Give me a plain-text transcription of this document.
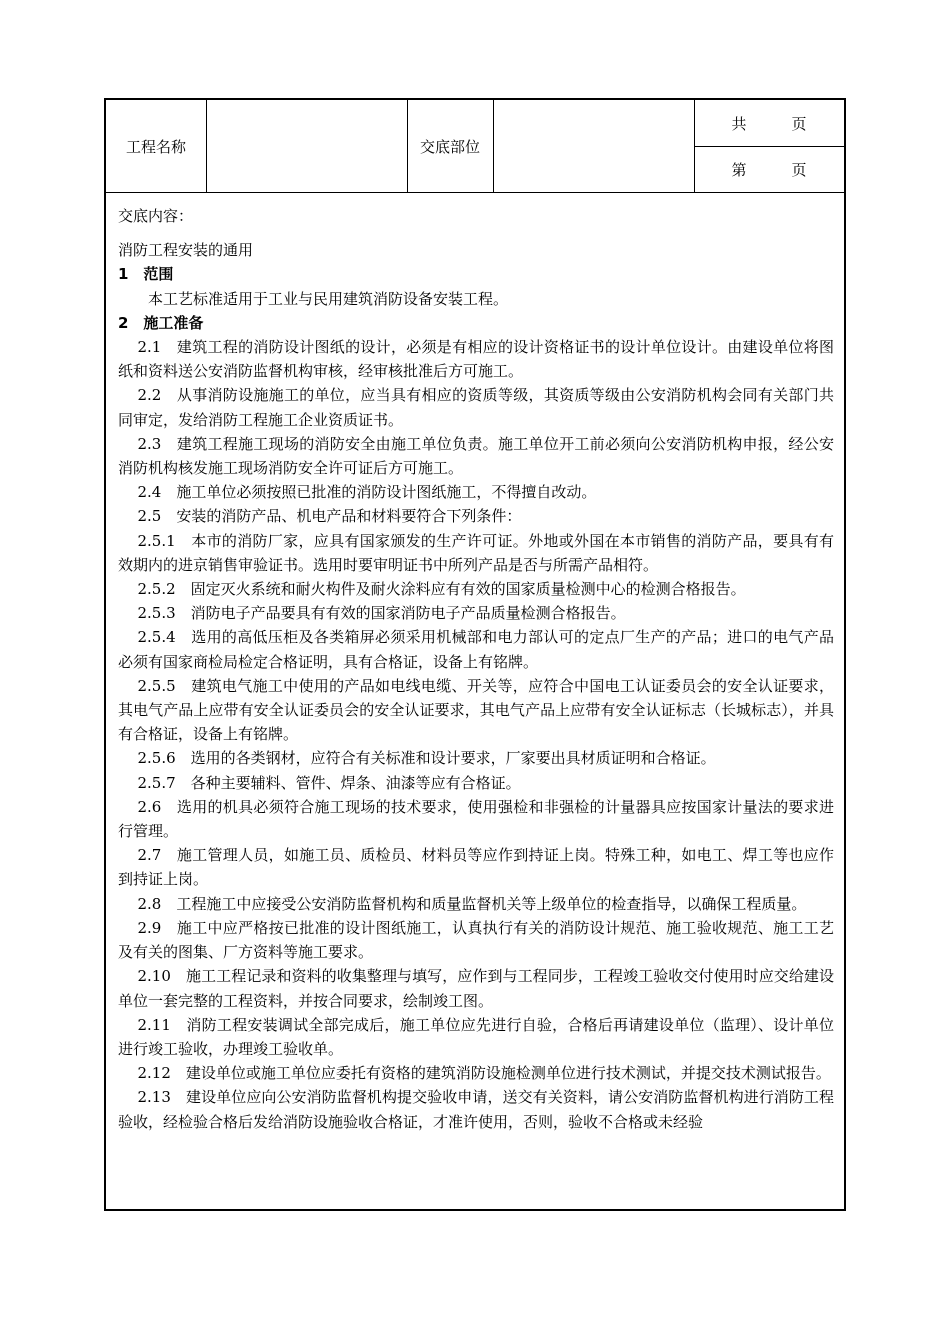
工程名称	交底部位
共　　　页
第　　　页

交底内容：

消防工程安装的通用

1　范围

本工艺标准适用于工业与民用建筑消防设备安装工程。

2　施工准备

2.1　建筑工程的消防设计图纸的设计，必须是有相应的设计资格证书的设计单位设计。由建设单位将图纸和资料送公安消防监督机构审核，经审核批准后方可施工。

2.2　从事消防设施施工的单位，应当具有相应的资质等级，其资质等级由公安消防机构会同有关部门共同审定，发给消防工程施工企业资质证书。

2.3　建筑工程施工现场的消防安全由施工单位负责。施工单位开工前必须向公安消防机构申报，经公安消防机构核发施工现场消防安全许可证后方可施工。

2.4　施工单位必须按照已批准的消防设计图纸施工，不得擅自改动。

2.5　安装的消防产品、机电产品和材料要符合下列条件：

2.5.1　本市的消防厂家，应具有国家颁发的生产许可证。外地或外国在本市销售的消防产品，要具有有效期内的进京销售审验证书。选用时要审明证书中所列产品是否与所需产品相符。

2.5.2　固定灭火系统和耐火构件及耐火涂料应有有效的国家质量检测中心的检测合格报告。

2.5.3　消防电子产品要具有有效的国家消防电子产品质量检测合格报告。

2.5.4　选用的高低压柜及各类箱屏必须采用机械部和电力部认可的定点厂生产的产品；进口的电气产品必须有国家商检局检定合格证明，具有合格证，设备上有铭牌。

2.5.5　建筑电气施工中使用的产品如电线电缆、开关等，应符合中国电工认证委员会的安全认证要求，其电气产品上应带有安全认证委员会的安全认证要求，其电气产品上应带有安全认证标志（长城标志），并具有合格证，设备上有铭牌。

2.5.6　选用的各类钢材，应符合有关标准和设计要求，厂家要出具材质证明和合格证。

2.5.7　各种主要辅料、管件、焊条、油漆等应有合格证。

2.6　选用的机具必须符合施工现场的技术要求，使用强检和非强检的计量器具应按国家计量法的要求进行管理。

2.7　施工管理人员，如施工员、质检员、材料员等应作到持证上岗。特殊工种，如电工、焊工等也应作到持证上岗。

2.8　工程施工中应接受公安消防监督机构和质量监督机关等上级单位的检查指导，以确保工程质量。

2.9　施工中应严格按已批准的设计图纸施工，认真执行有关的消防设计规范、施工验收规范、施工工艺及有关的图集、厂方资料等施工要求。

2.10　施工工程记录和资料的收集整理与填写，应作到与工程同步，工程竣工验收交付使用时应交给建设单位一套完整的工程资料，并按合同要求，绘制竣工图。

2.11　消防工程安装调试全部完成后，施工单位应先进行自验，合格后再请建设单位（监理）、设计单位进行竣工验收，办理竣工验收单。

2.12　建设单位或施工单位应委托有资格的建筑消防设施检测单位进行技术测试，并提交技术测试报告。

2.13　建设单位应向公安消防监督机构提交验收申请，送交有关资料，请公安消防监督机构进行消防工程验收，经检验合格后发给消防设施验收合格证，才准许使用，否则，验收不合格或未经验
